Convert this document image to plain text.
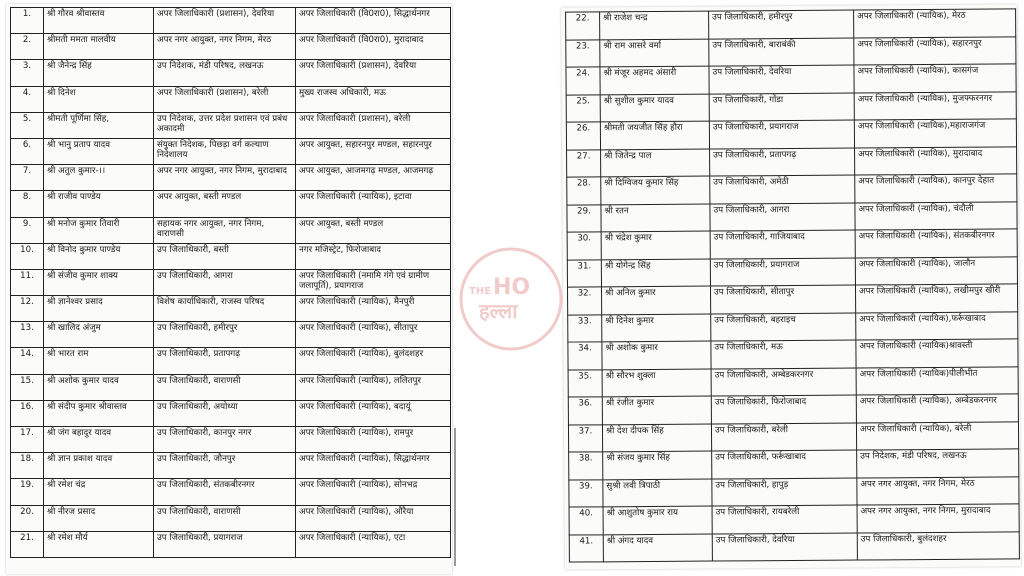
1.	श्री गौरव श्रीवास्तव	अपर जिलाधिकारी (प्रशासन), देवरिया	अपर जिलाधिकारी (वि0रा0), सिद्धार्थनगर
2.	श्रीमती ममता मालवीय	अपर नगर आयुक्त, नगर निगम, मेरठ	अपर जिलाधिकारी (वि0रा0), मुरादाबाद
3.	श्री जैनेन्द्र सिंह	उप निदेशक, मंडी परिषद, लखनऊ	अपर जिलाधिकारी (प्रशासन), देवरिया
4.	श्री दिनेश	अपर जिलाधिकारी (प्रशासन), बरेली	मुख्य राजस्व अधिकारी, मऊ
5.	श्रीमती पूर्णिमा सिंह,	उप निदेशक, उत्तर प्रदेश प्रशासन एवं प्रबंध अकादमी	अपर जिलाधिकारी (प्रशासन), बरेली
6.	श्री भानु प्रताप यादव	संयुक्त निदेशक, पिछड़ा वर्ग कल्याण निदेशालय	अपर आयुक्त, सहारनपुर मण्डल, सहारनपुर
7.	श्री अतुल कुमार-।।	अपर नगर आयुक्त, नगर निगम, मुरादाबाद	अपर आयुक्त, आजमगढ़ मण्डल, आजमगढ़
8.	श्री राजीव पाण्डेय	अपर आयुक्त, बस्ती मण्डल	अपर जिलाधिकारी (न्यायिक), इटावा
9.	श्री मनोज कुमार तिवारी	सहायक नगर आयुक्त, नगर निगम, वाराणसी	अपर आयुक्त, बस्ती मण्डल
10.	श्री विनोद कुमार पाण्डेय	उप जिलाधिकारी, बस्ती	नगर मजिस्ट्रेट, फिरोजाबाद
11.	श्री संजीव कुमार शाक्य	उप जिलाधिकारी, आगरा	अपर जिलाधिकारी (नमामि गंगे एवं ग्रामीण जलापूर्ति), प्रयागराज
12.	श्री ज्ञानेश्वर प्रसाद	विशेष कार्याधिकारी, राजस्व परिषद	अपर जिलाधिकारी (न्यायिक), मैनपुरी
13.	श्री खालिद अंजुम	उप जिलाधिकारी, हमीरपुर	अपर जिलाधिकारी (न्यायिक), सीतापुर
14.	श्री भारत राम	उप जिलाधिकारी, प्रतापगढ़	अपर जिलाधिकारी (न्यायिक), बुलंदशहर
15.	श्री अशोक कुमार यादव	उप जिलाधिकारी, वाराणसी	अपर जिलाधिकारी (न्यायिक), ललितपुर
16.	श्री संदीप कुमार श्रीवास्तव	उप जिलाधिकारी, अयोध्या	अपर जिलाधिकारी (न्यायिक), बदायूं
17.	श्री जंग बहादुर यादव	उप जिलाधिकारी, कानपुर नगर	अपर जिलाधिकारी (न्यायिक), रामपुर
18.	श्री ज्ञान प्रकाश यादव	उप जिलाधिकारी, जौनपुर	अपर जिलाधिकारी (न्यायिक), सिद्धार्थनगर
19.	श्री रमेश चंद्र	उप जिलाधिकारी, संतकबीरनगर	अपर जिलाधिकारी (न्यायिक), सोनभद्र
20.	श्री नीरज प्रसाद	उप जिलाधिकारी, वाराणसी	अपर जिलाधिकारी (न्यायिक), औरैया
21.	श्री रमेश मौर्य	उप जिलाधिकारी, प्रयागराज	अपर जिलाधिकारी (न्यायिक), एटा
22.	श्री राजेश चन्द्र	उप जिलाधिकारी, हमीरपुर	अपर जिलाधिकारी (न्यायिक), मेरठ
23.	श्री राम आसरे वर्मा	उप जिलाधिकारी, बाराबंकी	अपर जिलाधिकारी (न्यायिक), सहारनपुर
24.	श्री मंजूर अहमद अंसारी	उप जिलाधिकारी, देवरिया	अपर जिलाधिकारी (न्यायिक), कासगंज
25.	श्री सुशील कुमार यादव	उप जिलाधिकारी, गोंडा	अपर जिलाधिकारी (न्यायिक), मुजफ्फरनगर
26.	श्रीमती जयजीत सिंह हौरा	उप जिलाधिकारी, प्रयागराज	अपर जिलाधिकारी (न्यायिक),महाराजगंज
27.	श्री जितेन्द्र पाल	उप जिलाधिकारी, प्रतापगढ़	अपर जिलाधिकारी (न्यायिक), मुरादाबाद
28.	श्री दिग्विजय कुमार सिंह	उप जिलाधिकारी, अमेठी	अपर जिलाधिकारी (न्यायिक), कानपुर देहात
29.	श्री रतन	उप जिलाधिकारी, आगरा	अपर जिलाधिकारी (न्यायिक), चंदौली
30.	श्री चंद्रेश कुमार	उप जिलाधिकारी, गाजियाबाद	अपर जिलाधिकारी (न्यायिक), संतकबीरनगर
31.	श्री योगेन्द्र सिंह	उप जिलाधिकारी, प्रयागराज	अपर जिलाधिकारी (न्यायिक), जालौन
32.	श्री अनिल कुमार	उप जिलाधिकारी, सीतापुर	अपर जिलाधिकारी (न्यायिक), लखीमपुर खीरी
33.	श्री दिनेश कुमार	उप जिलाधिकारी, बहराइच	अपर जिलाधिकारी (न्यायिक),फर्रूखाबाद
34.	श्री अशोक कुमार	उप जिलाधिकारी, मऊ	अपर जिलाधिकारी (न्यायिक)श्रावस्ती
35.	श्री सौरभ शुक्ला	उप जिलाधिकारी, अम्बेडकरनगर	अपर जिलाधिकारी (न्यायिक)पीलीभीत
36.	श्री रंजीत कुमार	उप जिलाधिकारी, फिरोजाबाद	अपर जिलाधिकारी (न्यायिक), अम्बेडकरनगर
37.	श्री देश दीपक सिंह	उप जिलाधिकारी, बरेली	अपर जिलाधिकारी (न्यायिक), बरेली
38.	श्री संजय कुमार सिंह	उप जिलाधिकारी, फर्रूखाबाद	उप निदेशक, मंडी परिषद, लखनऊ
39.	सुश्री लवी त्रिपाठी	उप जिलाधिकारी, हापुड़	अपर नगर आयुक्त, नगर निगम, मेरठ
40.	श्री आशुतोष कुमार राय	उप जिलाधिकारी, रायबरेली	अपर नगर आयुक्त, नगर निगम, मुरादाबाद
41.	श्री अंगद यादव	उप जिलाधिकारी, देवरिया	उप जिलाधिकारी, बुलंदशहर
THE HO
हल्ला
